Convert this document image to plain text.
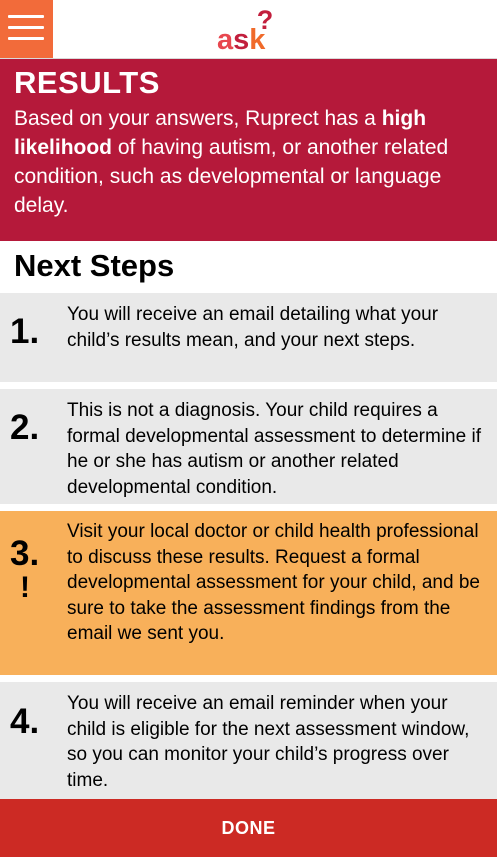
?
ask
RESULTS

Based on your answers, Ruprect has a high likelihood of having autism, or another related condition, such as developmental or language delay.

Next Steps
1. You will receive an email detailing what your child’s results mean, and your next steps.
2. This is not a diagnosis. Your child requires a formal developmental assessment to determine if he or she has autism or another related developmental condition.
3.
!
Visit your local doctor or child health professional to discuss these results. Request a formal developmental assessment for your child, and be sure to take the assessment findings from the email we sent you.
4. You will receive an email reminder when your child is eligible for the next assessment window, so you can monitor your child’s progress over time.
DONE
